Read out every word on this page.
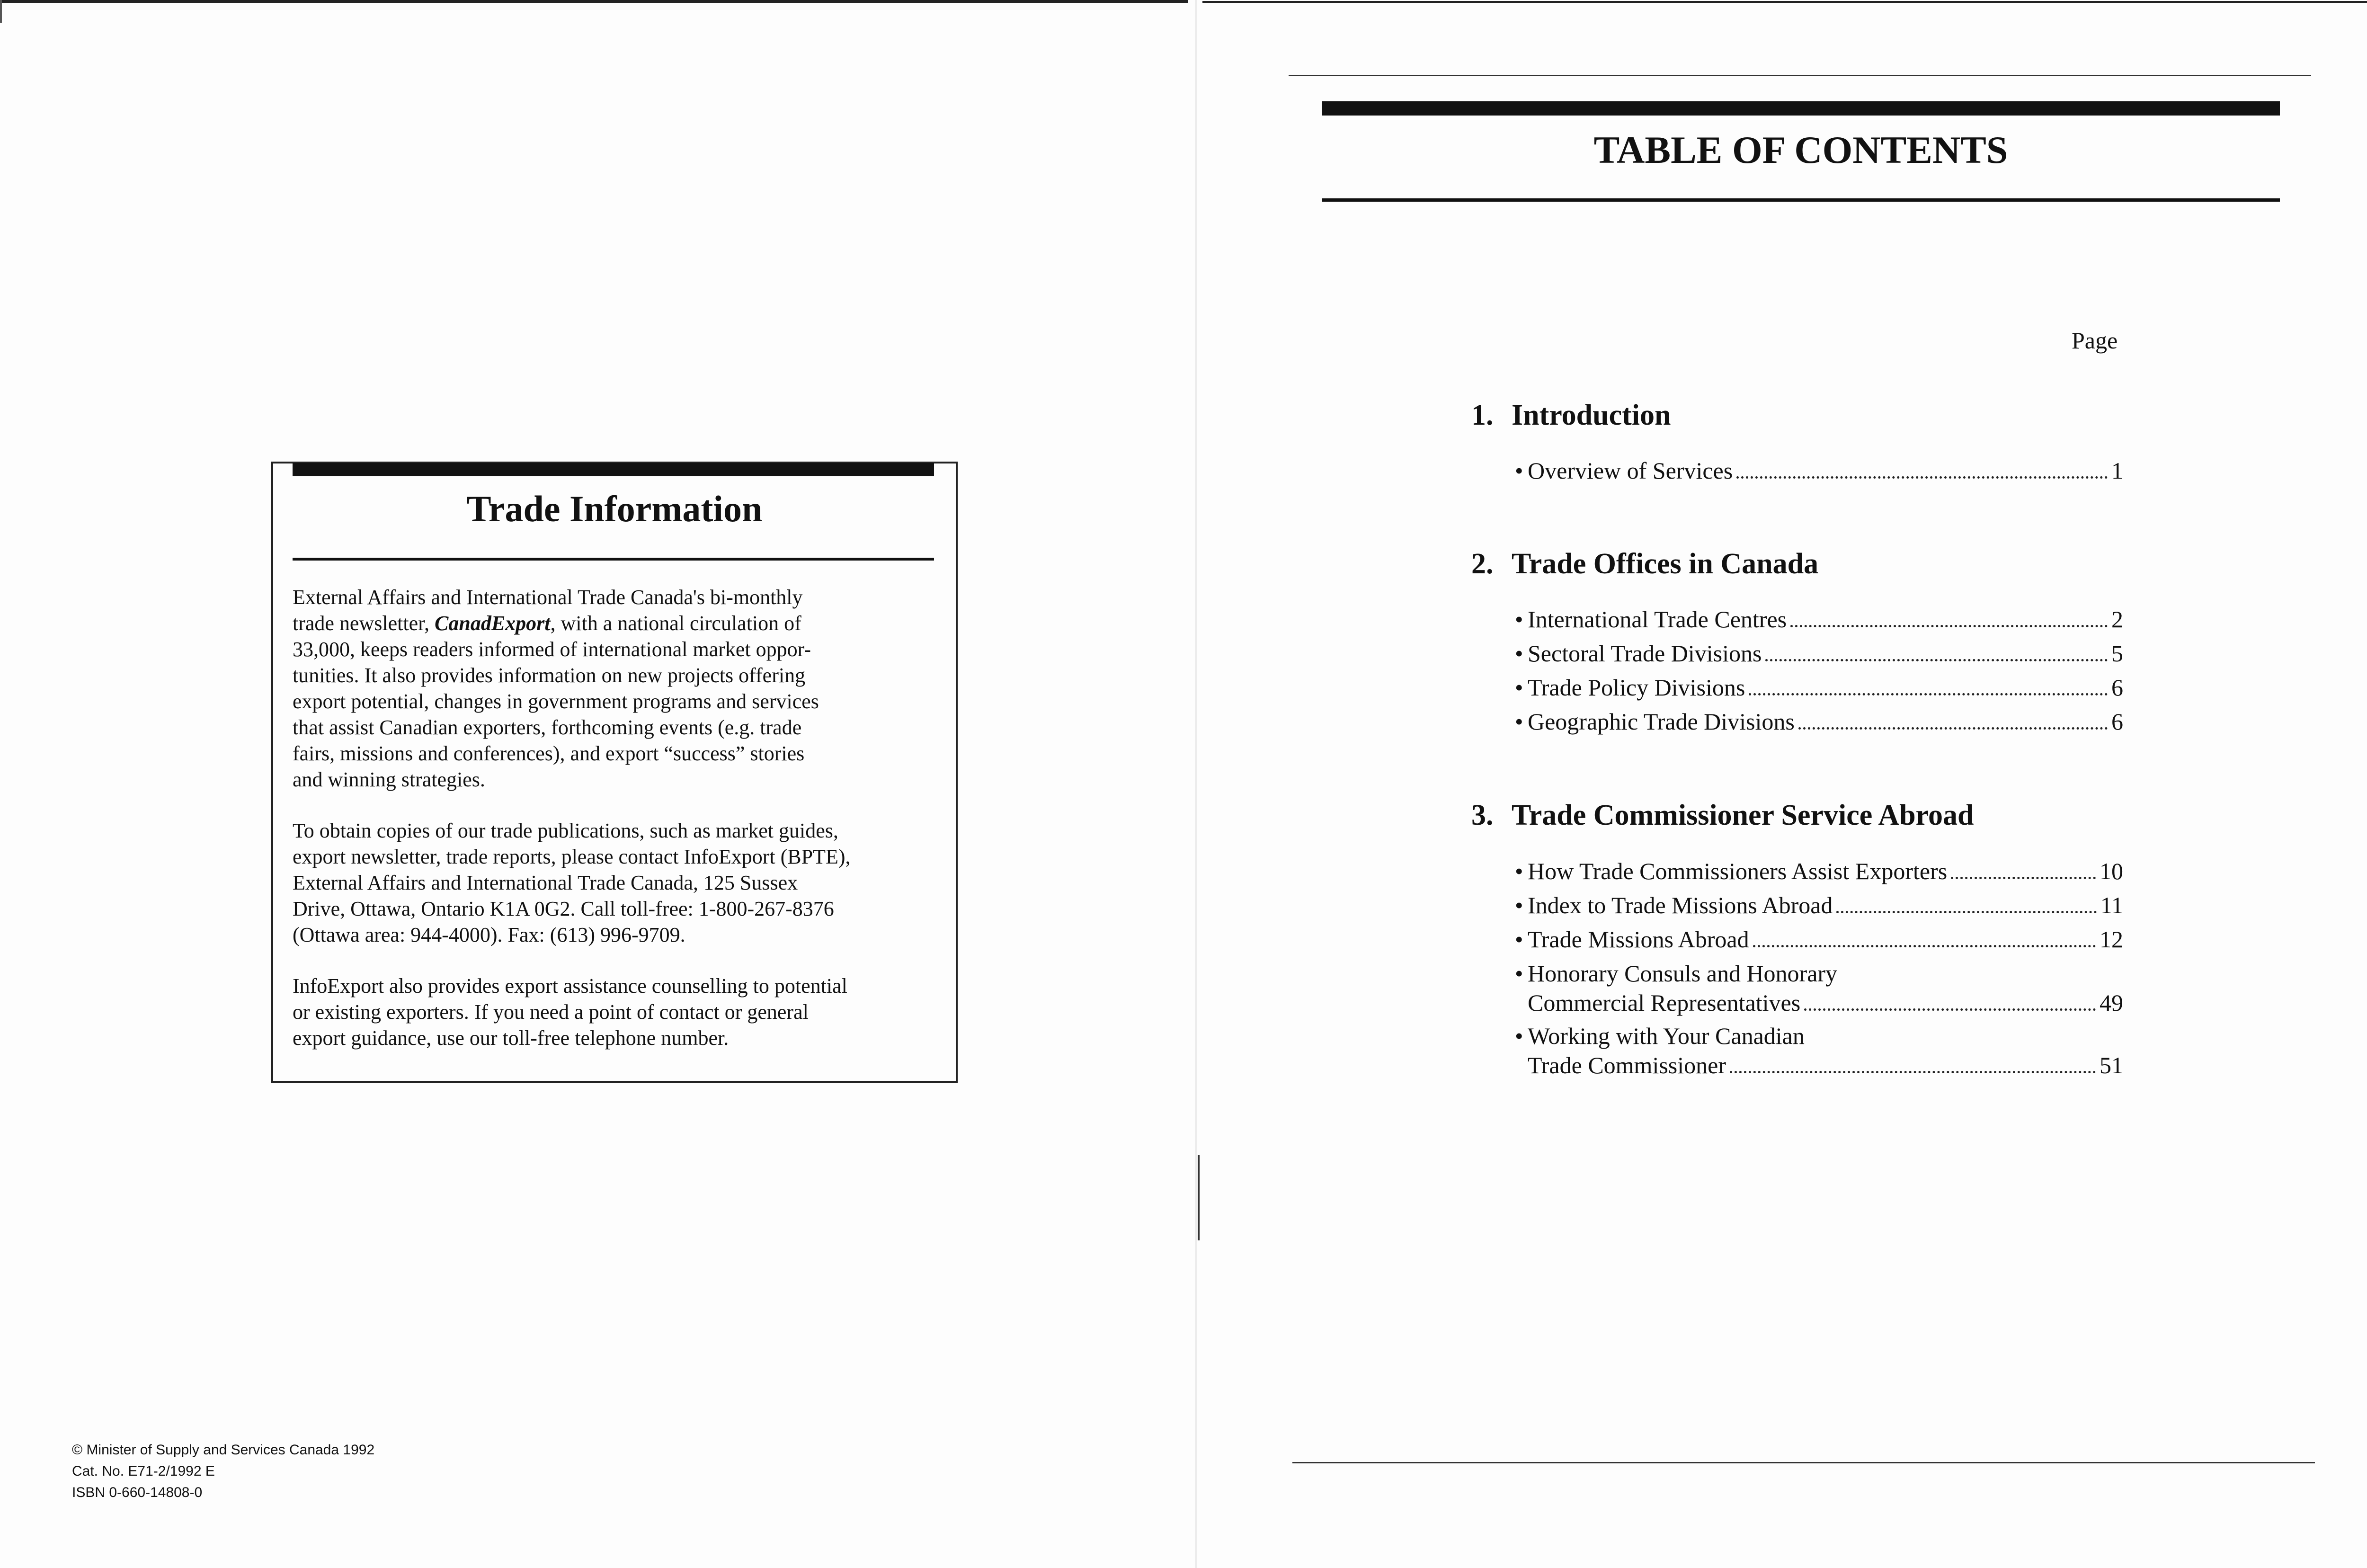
Trade Information

External Affairs and International Trade Canada's bi-monthly
trade newsletter, CanadExport, with a national circulation of
33,000, keeps readers informed of international market oppor-
tunities. It also provides information on new projects offering
export potential, changes in government programs and services
that assist Canadian exporters, forthcoming events (e.g. trade
fairs, missions and conferences), and export “success” stories
and winning strategies.

To obtain copies of our trade publications, such as market guides,
export newsletter, trade reports, please contact InfoExport (BPTE),
External Affairs and International Trade Canada, 125 Sussex
Drive, Ottawa, Ontario K1A 0G2. Call toll-free: 1-800-267-8376
(Ottawa area: 944-4000). Fax: (613) 996-9709.

InfoExport also provides export assistance counselling to potential
or existing exporters. If you need a point of contact or general
export guidance, use our toll-free telephone number.

© Minister of Supply and Services Canada 1992
Cat. No. E71-2/1992 E
ISBN 0-660-14808-0
TABLE OF CONTENTS
Page
1. Introduction
• Overview of Services	1
2. Trade Offices in Canada
• International Trade Centres	2
• Sectoral Trade Divisions	5
• Trade Policy Divisions	6
• Geographic Trade Divisions	6
3. Trade Commissioner Service Abroad
• How Trade Commissioners Assist Exporters	10
• Index to Trade Missions Abroad	11
• Trade Missions Abroad	12
• Honorary Consuls and Honorary
Commercial Representatives	49
• Working with Your Canadian
Trade Commissioner	51
